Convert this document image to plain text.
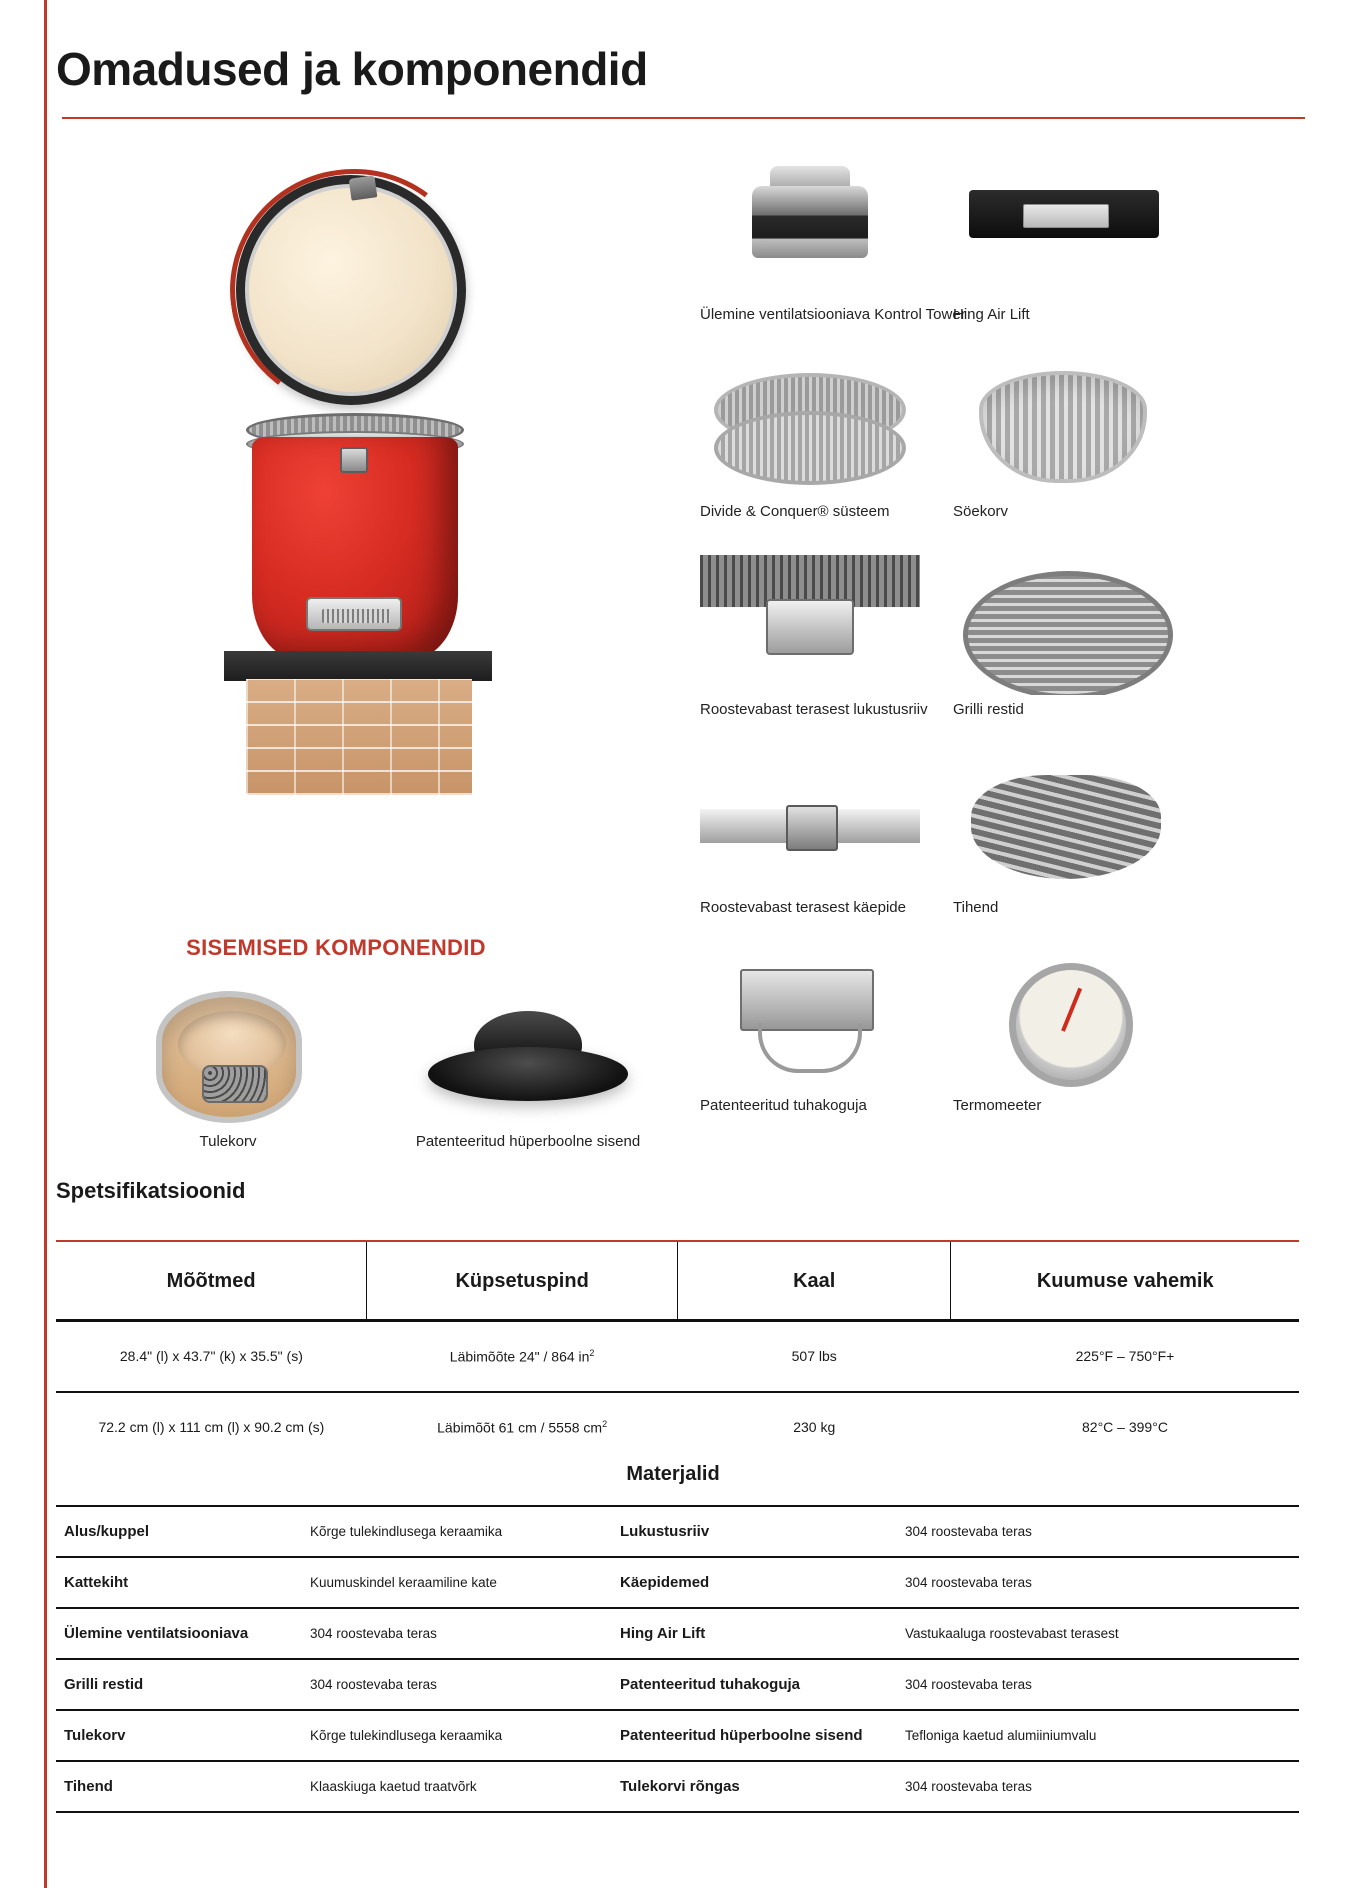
Omadused ja komponendid
SISEMISED KOMPONENDID
Tulekorv	Patenteeritud hüperboolne sisend
Ülemine ventilatsiooniava Kontrol Tower
Hing Air Lift
Divide & Conquer® süsteem	Söekorv
Roostevabast terasest lukustusriiv Grilli restid
Roostevabast terasest käepide	Tihend
Patenteeritud tuhakoguja	Termomeeter
Spetsifikatsioonid

Mõõtmed	Küpsetuspind	Kaal	Kuumuse vahemik
28.4" (l) x 43.7" (k) x 35.5" (s)	Läbimõõte 24" / 864 $in^2$	507 lbs	225°F – 750°F+
72.2 cm (l) x 111 cm (l) x 90.2 cm (s)	Läbimõõt 61 cm / 5558 $cm^2$	230 kg	82°C – 399°C
Materjalid
Alus/kuppel	Kõrge tulekindlusega keraamika	Lukustusriiv	304 roostevaba teras
Kattekiht	Kuumuskindel keraamiline kate	Käepidemed	304 roostevaba teras
Ülemine ventilatsiooniava	304 roostevaba teras	Hing Air Lift	Vastukaaluga roostevabast terasest
Grilli restid	304 roostevaba teras	Patenteeritud tuhakoguja	304 roostevaba teras
Tulekorv	Kõrge tulekindlusega keraamika	Patenteeritud hüperboolne sisend	Tefloniga kaetud alumiiniumvalu
Tihend	Klaaskiuga kaetud traatvõrk	Tulekorvi rõngas	304 roostevaba teras
